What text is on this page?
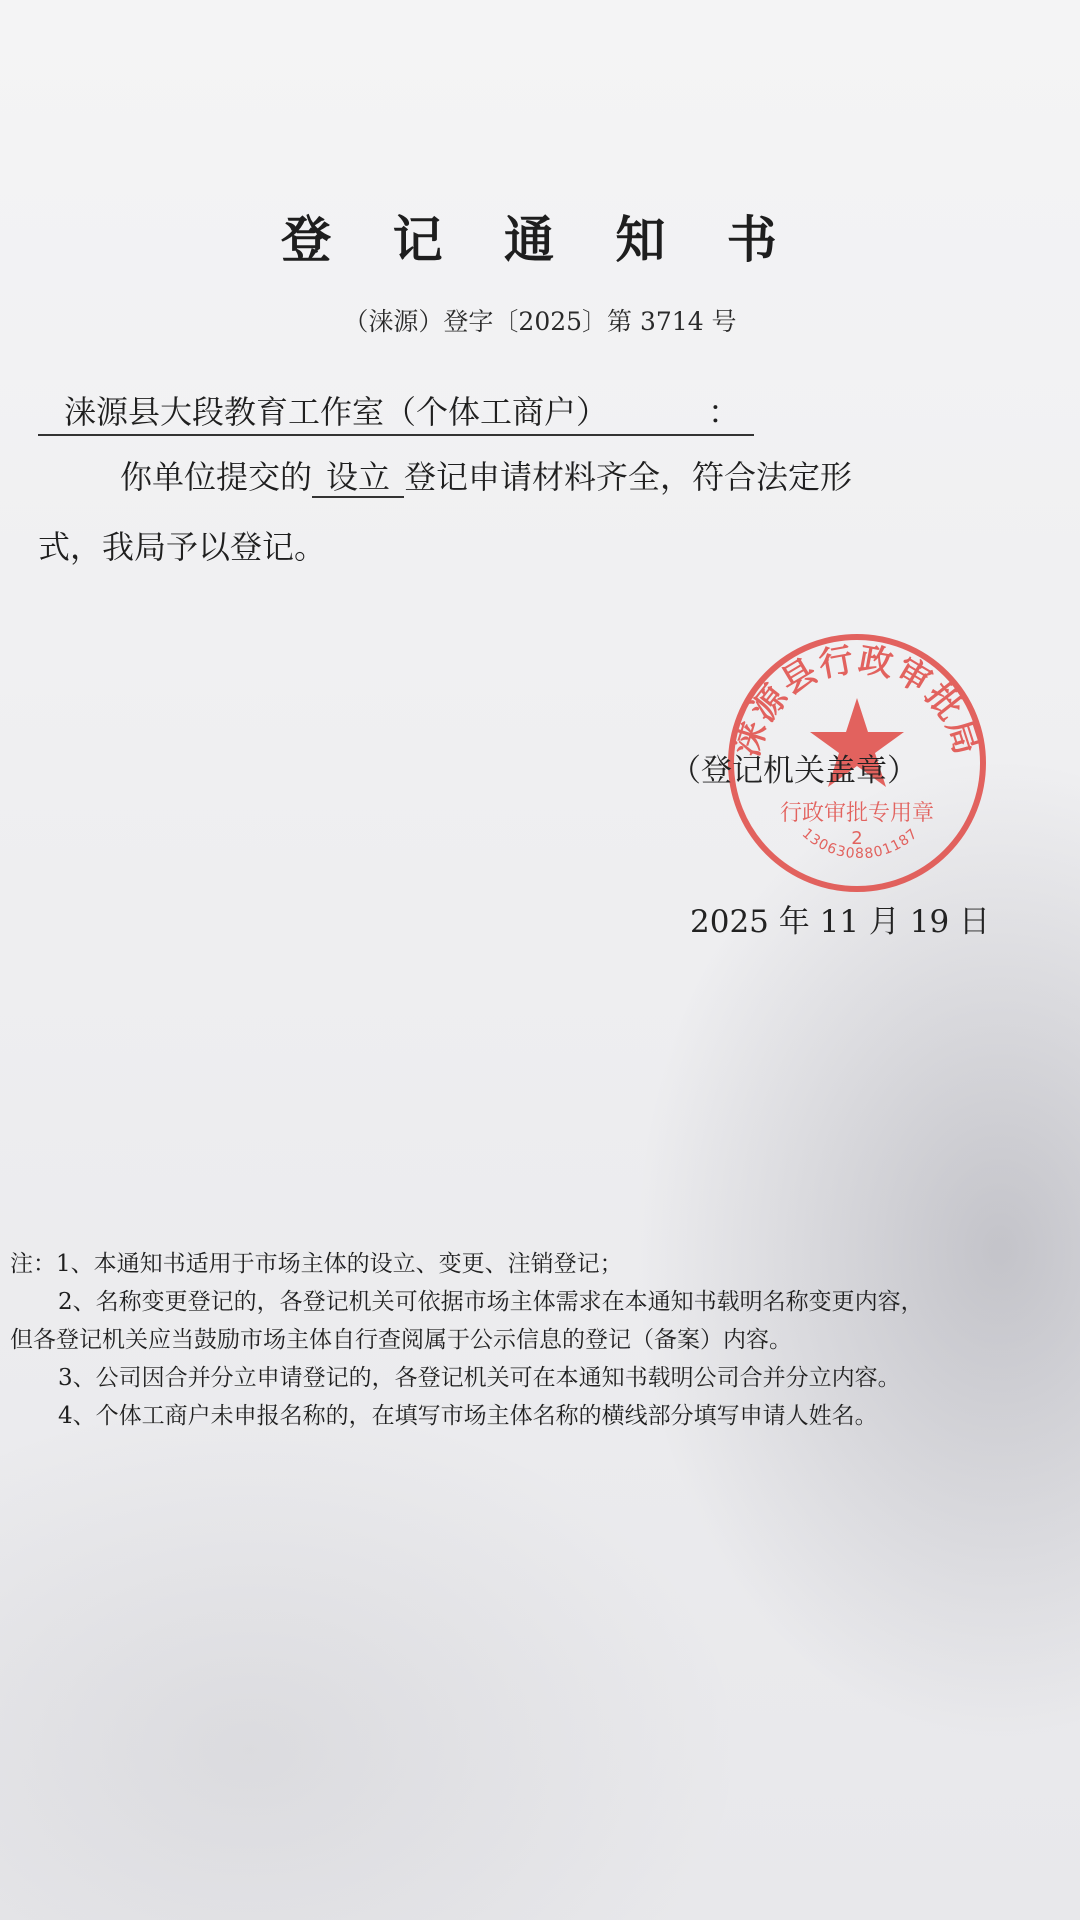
登 记 通 知 书
（涞源）登字〔2025〕第 3714 号
涞源县大段教育工作室（个体工商户）	：
你单位提交的 设立 登记申请材料齐全，符合法定形
式，我局予以登记。
涞源县行政审批局
行政审批专用章
2
1306308801187
（登记机关盖章）
2025 年 11 月 19 日
注：1、本通知书适用于市场主体的设立、变更、注销登记；
2、名称变更登记的，各登记机关可依据市场主体需求在本通知书载明名称变更内容，
但各登记机关应当鼓励市场主体自行查阅属于公示信息的登记（备案）内容。
3、公司因合并分立申请登记的，各登记机关可在本通知书载明公司合并分立内容。
4、个体工商户未申报名称的，在填写市场主体名称的横线部分填写申请人姓名。
